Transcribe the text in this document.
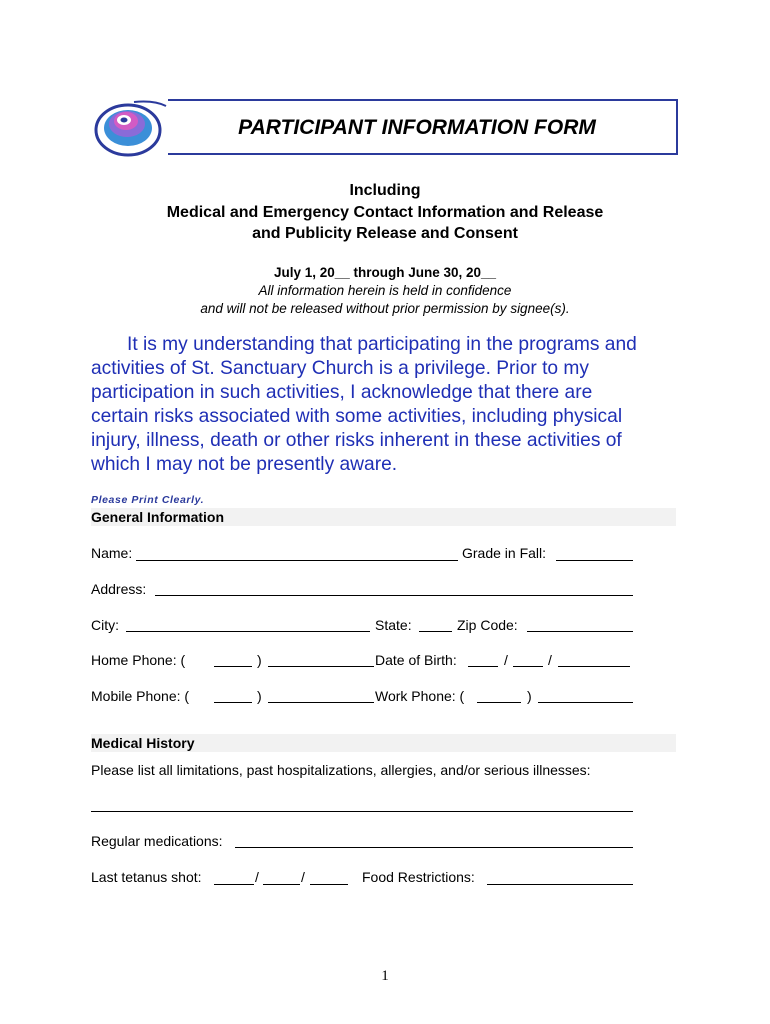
PARTICIPANT INFORMATION FORM
Including
Medical and Emergency Contact Information and Release
and Publicity Release and Consent
July 1, 20__ through June 30, 20__
All information herein is held in confidence
and will not be released without prior permission by signee(s).
It is my understanding that participating in the programs and
activities of St. Sanctuary Church is a privilege. Prior to my
participation in such activities, I acknowledge that there are
certain risks associated with some activities, including physical
injury, illness, death or other risks inherent in these activities of
which I may not be presently aware.
Please Print Clearly.
General Information
Name:	Grade in Fall:
Address:
City:	State:	Zip Code:
Home Phone: (	)	Date of Birth:	/	/
Mobile Phone: (	)	Work Phone: (	)
Medical History
Please list all limitations, past hospitalizations, allergies, and/or serious illnesses:
Regular medications:
Last tetanus shot:	/	/	Food Restrictions:
1
